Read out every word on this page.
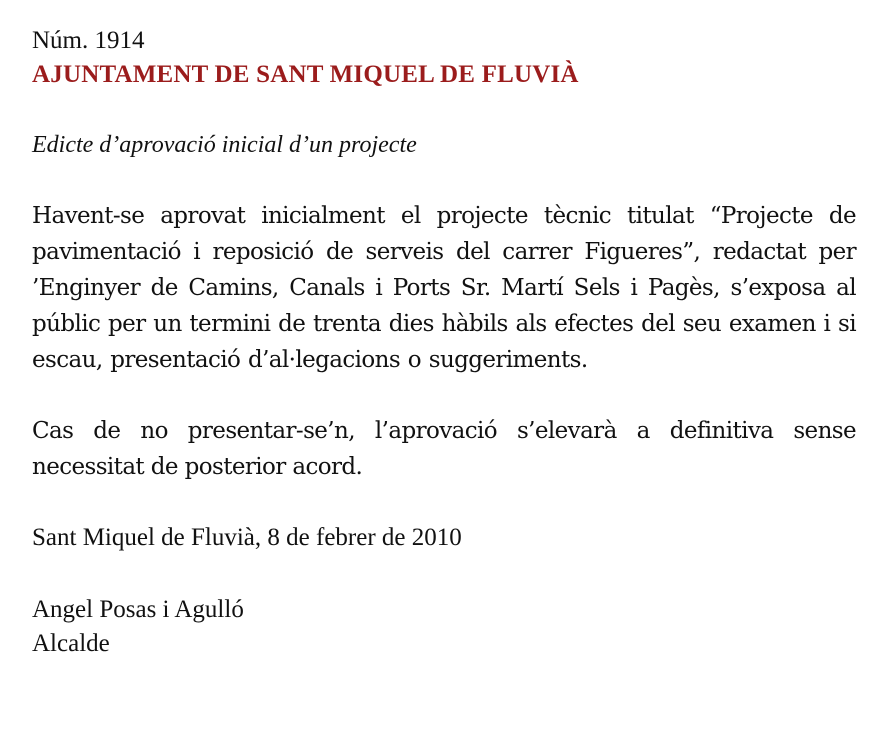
Núm. 1914

AJUNTAMENT DE SANT MIQUEL DE FLUVIÀ

Edicte d’aprovació inicial d’un projecte

Havent-se aprovat inicialment el projecte tècnic titulat “Projecte de pavimentació i reposició de serveis del carrer Figueres”, redactat per ’Enginyer de Camins, Canals i Ports Sr. Martí Sels i Pagès, s’exposa al públic per un termini de trenta dies hàbils als efectes del seu examen i si escau, presentació d’al·legacions o suggeriments.

Cas de no presentar-se’n, l’aprovació s’elevarà a definitiva sense necessitat de posterior acord.

Sant Miquel de Fluvià, 8 de febrer de 2010

Angel Posas i Agulló

Alcalde
